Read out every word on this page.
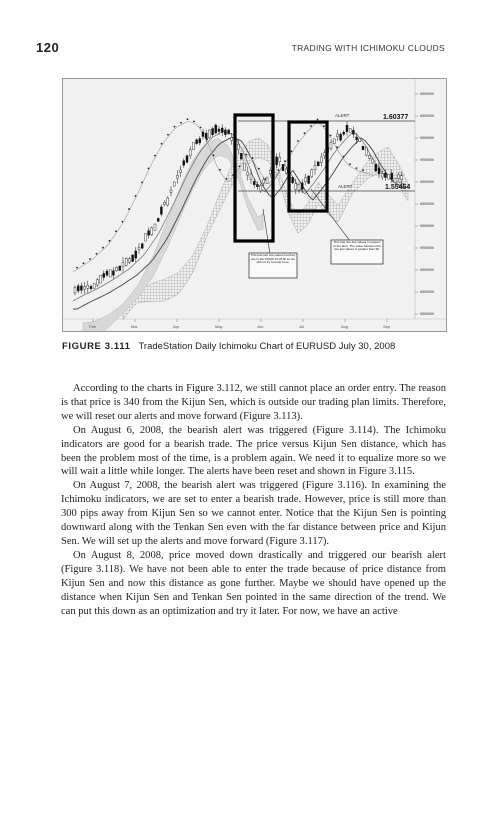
120	TRADING WITH ICHIMOKU CLOUDS
ALERT	1.60377
ALERT	1.55454
This has two low values but they are in the KUMO CLOUD so we did not try to enter here.
This has two low values in respect to the alert. The value between the two low values is greater than 50.
Feb	Mar	Apr	May	Jun	Jul	Aug	Sep
FIGURE 3.111 TradeStation Daily Ichimoku Chart of EURUSD July 30, 2008

According to the charts in Figure 3.112, we still cannot place an order entry. The reason is that price is 340 from the Kijun Sen, which is outside our trading plan limits. Therefore, we will reset our alerts and move forward (Figure 3.113).

On August 6, 2008, the bearish alert was triggered (Figure 3.114). The Ichimoku indicators are good for a bearish trade. The price versus Kijun Sen distance, which has been the problem most of the time, is a problem again. We need it to equalize more so we will wait a little while longer. The alerts have been reset and shown in Figure 3.115.

On August 7, 2008, the bearish alert was triggered (Figure 3.116). In examining the Ichimoku indicators, we are set to enter a bearish trade. However, price is still more than 300 pips away from Kijun Sen so we cannot enter. Notice that the Kijun Sen is pointing downward along with the Tenkan Sen even with the far distance between price and Kijun Sen. We will set up the alerts and move forward (Figure 3.117).

On August 8, 2008, price moved down drastically and triggered our bearish alert (Figure 3.118). We have not been able to enter the trade because of price distance from Kijun Sen and now this distance as gone further. Maybe we should have opened up the distance when Kijun Sen and Tenkan Sen pointed in the same direction of the trend. We can put this down as an optimization and try it later. For now, we have an active
